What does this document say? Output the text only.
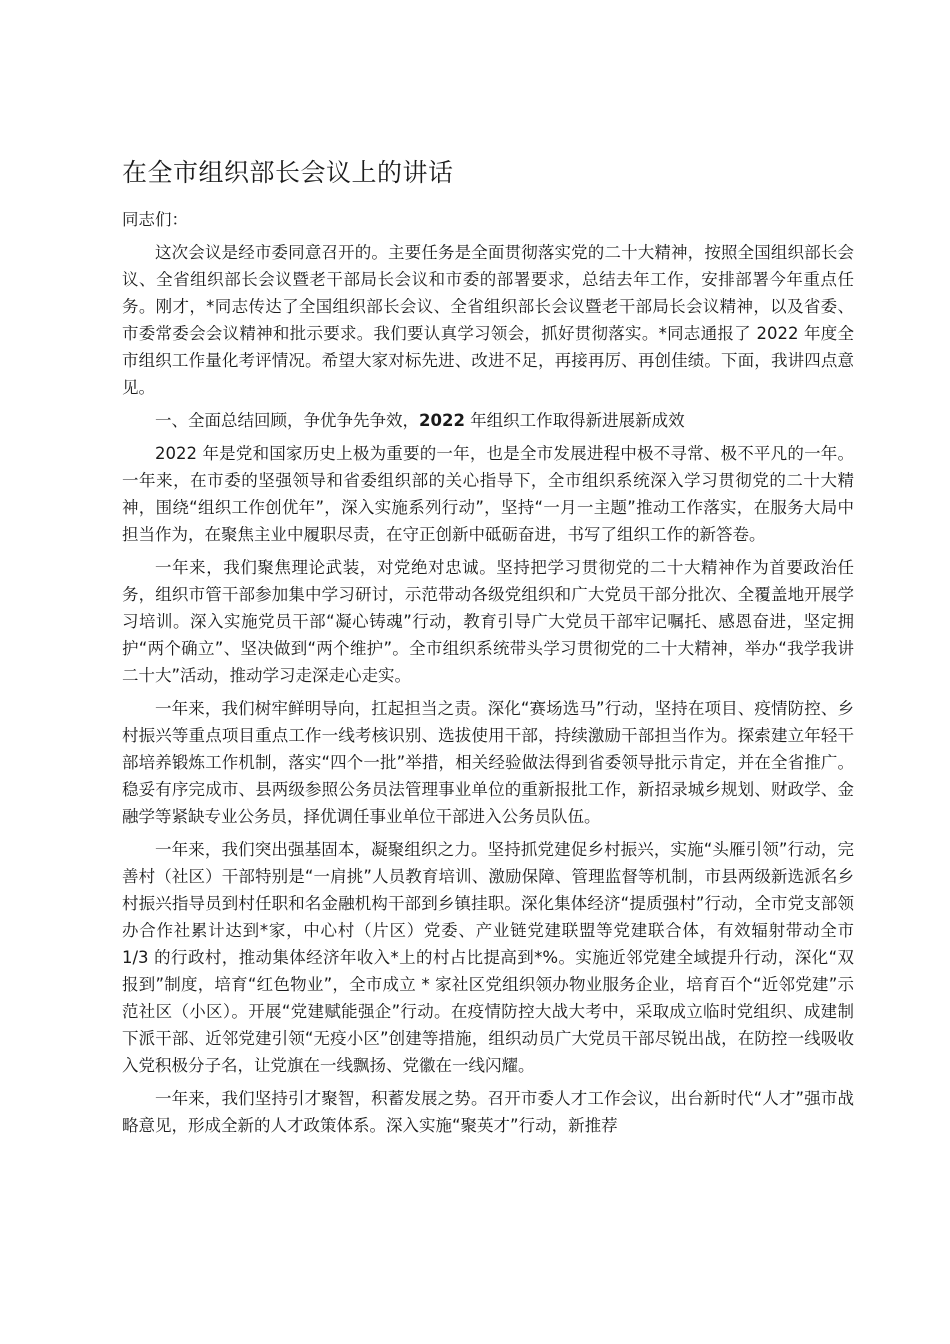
在全市组织部长会议上的讲话

同志们：

这次会议是经市委同意召开的。主要任务是全面贯彻落实党的二十大精神，按照全国组织部长会议、全省组织部长会议暨老干部局长会议和市委的部署要求，总结去年工作，安排部署今年重点任务。刚才，*同志传达了全国组织部长会议、全省组织部长会议暨老干部局长会议精神，以及省委、市委常委会会议精神和批示要求。我们要认真学习领会，抓好贯彻落实。*同志通报了 2022 年度全市组织工作量化考评情况。希望大家对标先进、改进不足，再接再厉、再创佳绩。下面，我讲四点意见。

一、全面总结回顾，争优争先争效，2022 年组织工作取得新进展新成效

2022 年是党和国家历史上极为重要的一年，也是全市发展进程中极不寻常、极不平凡的一年。一年来，在市委的坚强领导和省委组织部的关心指导下，全市组织系统深入学习贯彻党的二十大精神，围绕“组织工作创优年”，深入实施系列行动”，坚持“一月一主题”推动工作落实，在服务大局中担当作为，在聚焦主业中履职尽责，在守正创新中砥砺奋进，书写了组织工作的新答卷。

一年来，我们聚焦理论武装，对党绝对忠诚。坚持把学习贯彻党的二十大精神作为首要政治任务，组织市管干部参加集中学习研讨，示范带动各级党组织和广大党员干部分批次、全覆盖地开展学习培训。深入实施党员干部“凝心铸魂”行动，教育引导广大党员干部牢记嘱托、感恩奋进，坚定拥护“两个确立”、坚决做到“两个维护”。全市组织系统带头学习贯彻党的二十大精神，举办“我学我讲二十大”活动，推动学习走深走心走实。

一年来，我们树牢鲜明导向，扛起担当之责。深化“赛场选马”行动，坚持在项目、疫情防控、乡村振兴等重点项目重点工作一线考核识别、选拔使用干部，持续激励干部担当作为。探索建立年轻干部培养锻炼工作机制，落实“四个一批”举措，相关经验做法得到省委领导批示肯定，并在全省推广。稳妥有序完成市、县两级参照公务员法管理事业单位的重新报批工作，新招录城乡规划、财政学、金融学等紧缺专业公务员，择优调任事业单位干部进入公务员队伍。

一年来，我们突出强基固本，凝聚组织之力。坚持抓党建促乡村振兴，实施“头雁引领”行动，完善村（社区）干部特别是“一肩挑”人员教育培训、激励保障、管理监督等机制，市县两级新选派名乡村振兴指导员到村任职和名金融机构干部到乡镇挂职。深化集体经济“提质强村”行动，全市党支部领办合作社累计达到*家，中心村（片区）党委、产业链党建联盟等党建联合体，有效辐射带动全市 1/3 的行政村，推动集体经济年收入*上的村占比提高到*%。实施近邻党建全域提升行动，深化“双报到”制度，培育“红色物业”，全市成立 * 家社区党组织领办物业服务企业，培育百个“近邻党建”示范社区（小区）。开展“党建赋能强企”行动。在疫情防控大战大考中，采取成立临时党组织、成建制下派干部、近邻党建引领“无疫小区”创建等措施，组织动员广大党员干部尽锐出战，在防控一线吸收入党积极分子名，让党旗在一线飘扬、党徽在一线闪耀。

一年来，我们坚持引才聚智，积蓄发展之势。召开市委人才工作会议，出台新时代“人才”强市战略意见，形成全新的人才政策体系。深入实施“聚英才”行动，新推荐
